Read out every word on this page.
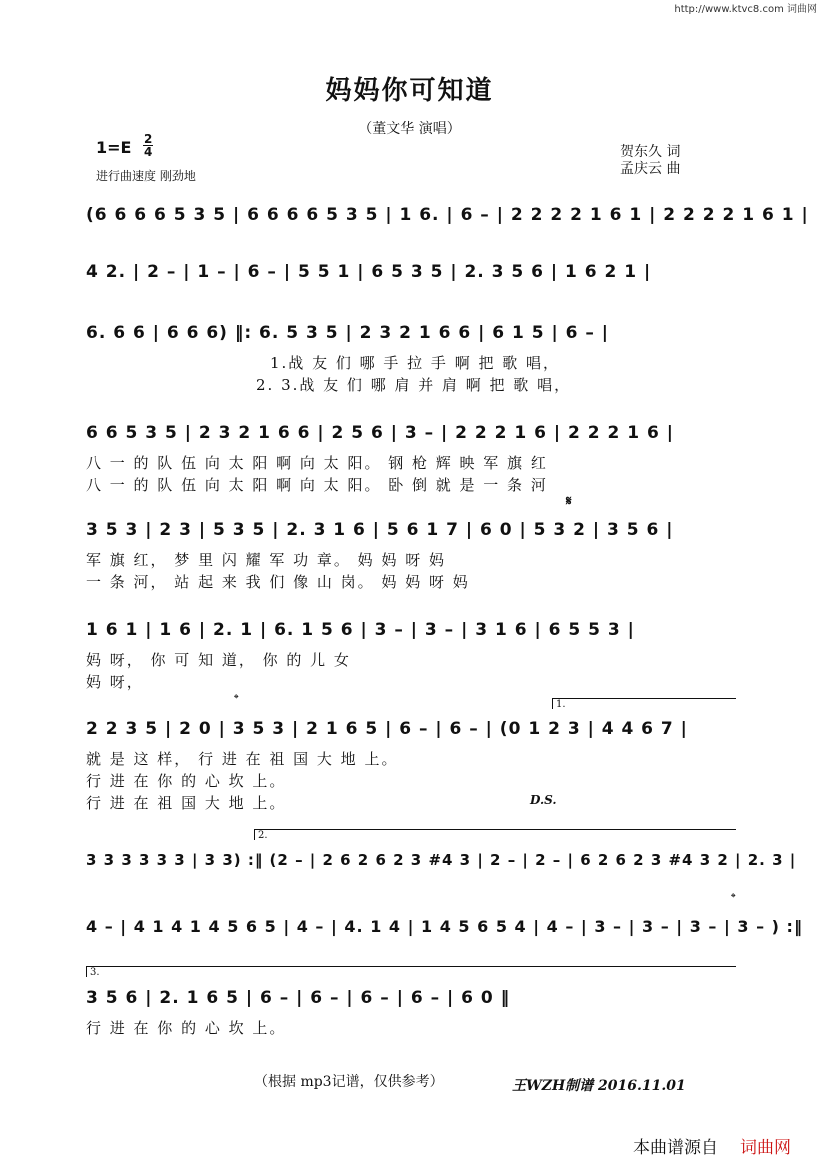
http://www.ktvc8.com 词曲网
妈妈你可知道
（董文华 演唱）
1=E 2
4
进行曲速度 刚劲地
贺东久 词
孟庆云 曲
(6 6 6 6 5 3 5 | 6 6 6 6 5 3 5 | 1 6. | 6 – | 2 2 2 2 1 6 1 | 2 2 2 2 1 6 1 |
4 2. | 2 – | 1 – | 6 – | 5 5 1 | 6 5 3 5 | 2. 3 5 6 | 1 6 2 1 |
6. 6 6 | 6 6 6) ‖: 6. 5 3 5 | 2 3 2 1 6 6 | 6 1 5 | 6 – |
1.战 友 们 哪 手 拉 手 啊 把 歌 唱，
2. 3.战 友 们 哪 肩 并 肩 啊 把 歌 唱，
6 6 5 3 5 | 2 3 2 1 6 6 | 2 5 6 | 3 – | 2 2 2 1 6 | 2 2 2 1 6 |
八 一 的 队 伍 向 太 阳 啊 向 太 阳。 钢 枪 辉 映 军 旗 红
八 一 的 队 伍 向 太 阳 啊 向 太 阳。 卧 倒 就 是 一 条 河
𝄋
3 5 3 | 2 3 | 5 3 5 | 2. 3 1 6 | 5 6 1 7 | 6 0 | 5 3 2 | 3 5 6 |
军 旗 红， 梦 里 闪 耀 军 功 章。 妈 妈 呀 妈
一 条 河， 站 起 来 我 们 像 山 岗。 妈 妈 呀 妈
1 6 1 | 1 6 | 2. 1 | 6. 1 5 6 | 3 – | 3 – | 3 1 6 | 6 5 5 3 |
妈 呀， 你 可 知 道， 你 的 儿 女
妈 呀，
𝄌	1.
2 2 3 5 | 2 0 | 3 5 3 | 2 1 6 5 | 6 – | 6 – | (0 1 2 3 | 4 4 6 7 |
就 是 这 样， 行 进 在 祖 国 大 地 上。
行 进 在 你 的 心 坎 上。
行 进 在 祖 国 大 地 上。	D.S.
2.
3 3 3 3 3 3 | 3 3) :‖ (2 – | 2 6 2 6 2 3 #4 3 | 2 – | 2 – | 6 2 6 2 3 #4 3 2 | 2. 3 |
𝄌
4 – | 4 1 4 1 4 5 6 5 | 4 – | 4. 1 4 | 1 4 5 6 5 4 | 4 – | 3 – | 3 – | 3 – | 3 – ) :‖
3.
3 5 6 | 2. 1 6 5 | 6 – | 6 – | 6 – | 6 – | 6 0 ‖
行 进 在 你 的 心 坎 上。
（根据 mp3记谱，仅供参考）	王WZH制谱 2016.11.01
本曲谱源自 词曲网
